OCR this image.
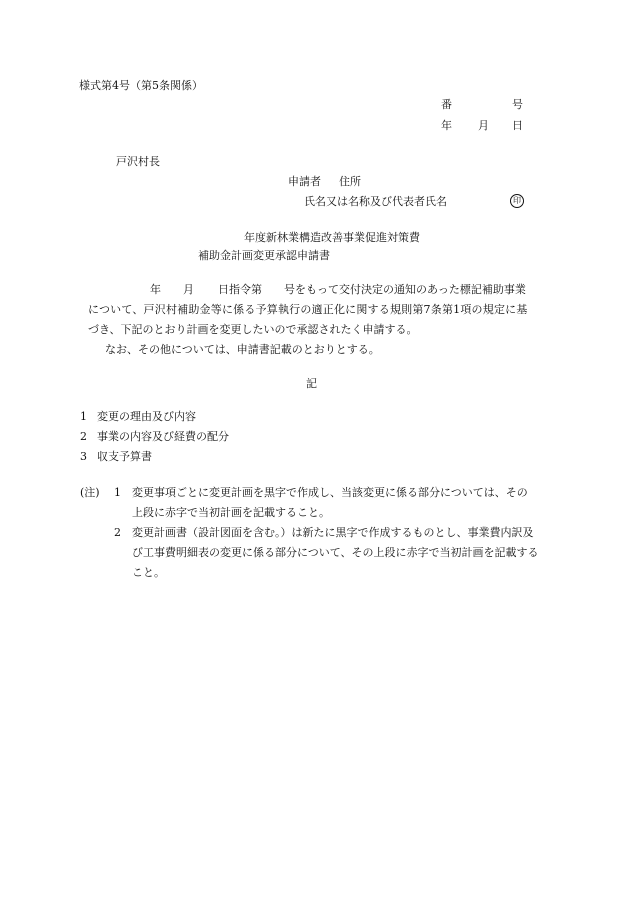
様式第4号（第5条関係）
番	号
年 月 日
戸沢村長
申請者 住所
氏名又は名称及び代表者氏名	印
年度新林業構造改善事業促進対策費
補助金計画変更承認申請書
年 月 日指令第　　号をもって交付決定の通知のあった標記補助事業
について、戸沢村補助金等に係る予算執行の適正化に関する規則第7条第1項の規定に基
づき、下記のとおり計画を変更したいので承認されたく申請する。
なお、その他については、申請書記載のとおりとする。
記
1 変更の理由及び内容
2 事業の内容及び経費の配分
3 収支予算書
(注) 1 変更事項ごとに変更計画を黒字で作成し、当該変更に係る部分については、その
上段に赤字で当初計画を記載すること。
2 変更計画書（設計図面を含む。）は新たに黒字で作成するものとし、事業費内訳及
び工事費明細表の変更に係る部分について、その上段に赤字で当初計画を記載する
こと。
